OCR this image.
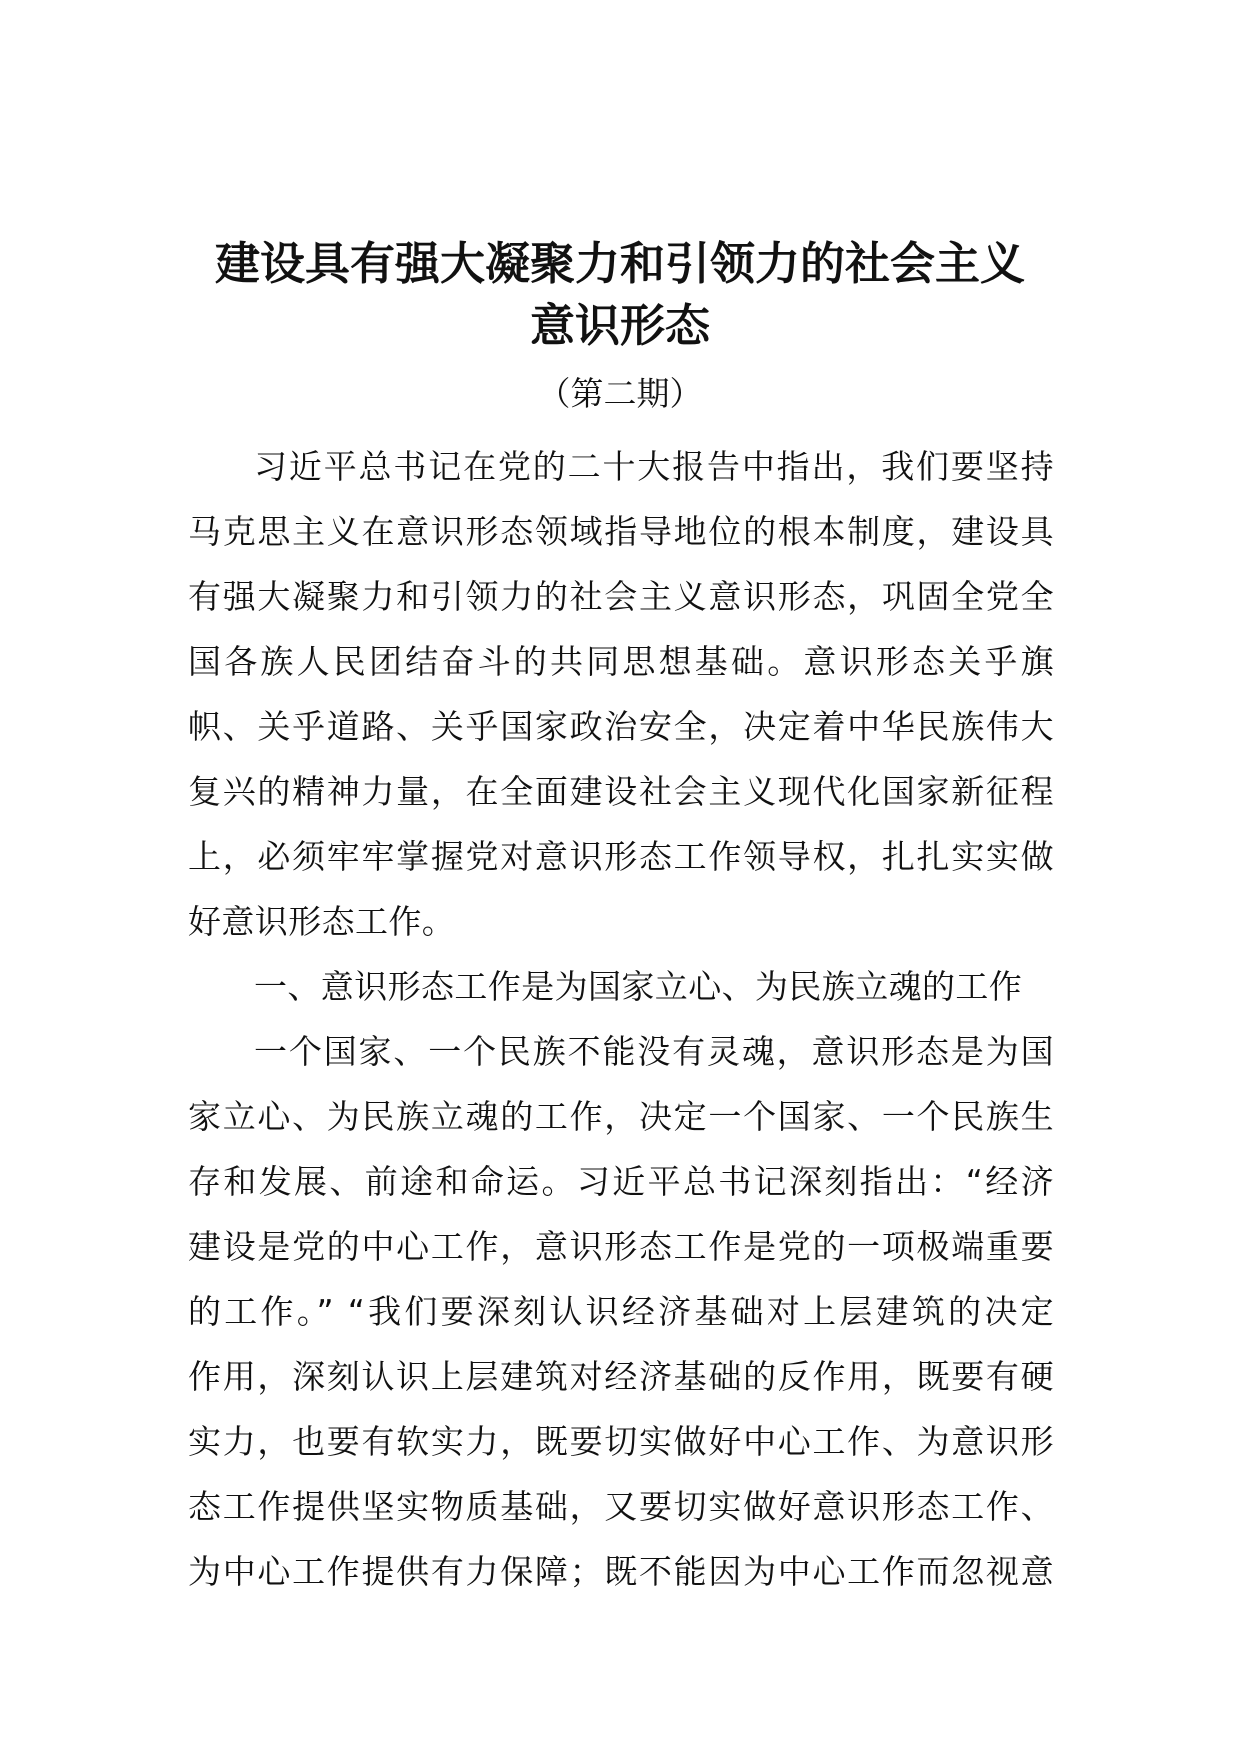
建设具有强大凝聚力和引领力的社会主义
意识形态
（第二期）
习近平总书记在党的二十大报告中指出，我们要坚持
马克思主义在意识形态领域指导地位的根本制度，建设具
有强大凝聚力和引领力的社会主义意识形态，巩固全党全
国各族人民团结奋斗的共同思想基础。意识形态关乎旗
帜、关乎道路、关乎国家政治安全，决定着中华民族伟大
复兴的精神力量，在全面建设社会主义现代化国家新征程
上，必须牢牢掌握党对意识形态工作领导权，扎扎实实做
好意识形态工作。
一、意识形态工作是为国家立心、为民族立魂的工作
一个国家、一个民族不能没有灵魂，意识形态是为国
家立心、为民族立魂的工作，决定一个国家、一个民族生
存和发展、前途和命运。习近平总书记深刻指出：“经济
建设是党的中心工作，意识形态工作是党的一项极端重要
的工作。” “我们要深刻认识经济基础对上层建筑的决定
作用，深刻认识上层建筑对经济基础的反作用，既要有硬
实力，也要有软实力，既要切实做好中心工作、为意识形
态工作提供坚实物质基础，又要切实做好意识形态工作、
为中心工作提供有力保障；既不能因为中心工作而忽视意
